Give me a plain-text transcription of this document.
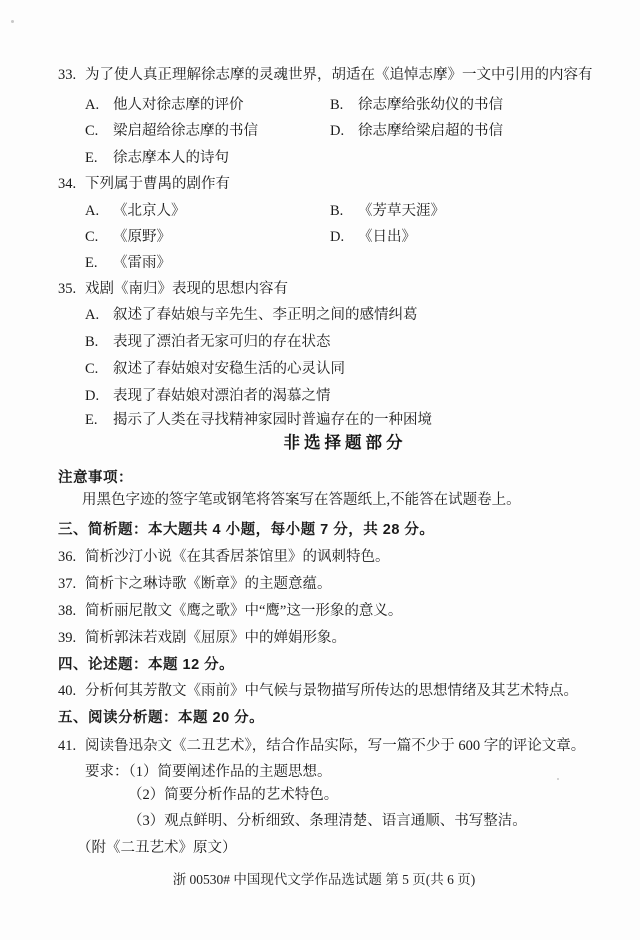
33. 为了使人真正理解徐志摩的灵魂世界，胡适在《追悼志摩》一文中引用的内容有
A. 他人对徐志摩的评价	B. 徐志摩给张幼仪的书信
C. 梁启超给徐志摩的书信	D. 徐志摩给梁启超的书信
E. 徐志摩本人的诗句
34. 下列属于曹禺的剧作有
A. 《北京人》	B. 《芳草天涯》
C. 《原野》	D. 《日出》
E. 《雷雨》
35. 戏剧《南归》表现的思想内容有
A. 叙述了春姑娘与辛先生、李正明之间的感情纠葛
B. 表现了漂泊者无家可归的存在状态
C. 叙述了春姑娘对安稳生活的心灵认同
D. 表现了春姑娘对漂泊者的渴慕之情
E. 揭示了人类在寻找精神家园时普遍存在的一种困境
非选择题部分
注意事项：
用黑色字迹的签字笔或钢笔将答案写在答题纸上,不能答在试题卷上。
三、简析题：本大题共 4 小题，每小题 7 分，共 28 分。
36. 简析沙汀小说《在其香居茶馆里》的讽刺特色。
37. 简析卞之琳诗歌《断章》的主题意蕴。
38. 简析丽尼散文《鹰之歌》中“鹰”这一形象的意义。
39. 简析郭沫若戏剧《屈原》中的婵娟形象。
四、论述题：本题 12 分。
40. 分析何其芳散文《雨前》中气候与景物描写所传达的思想情绪及其艺术特点。
五、阅读分析题：本题 20 分。
41. 阅读鲁迅杂文《二丑艺术》，结合作品实际，写一篇不少于 600 字的评论文章。
要求：（1）简要阐述作品的主题思想。
（2）简要分析作品的艺术特色。
（3）观点鲜明、分析细致、条理清楚、语言通顺、书写整洁。
（附《二丑艺术》原文）
浙 00530# 中国现代文学作品选试题 第 5 页(共 6 页)
